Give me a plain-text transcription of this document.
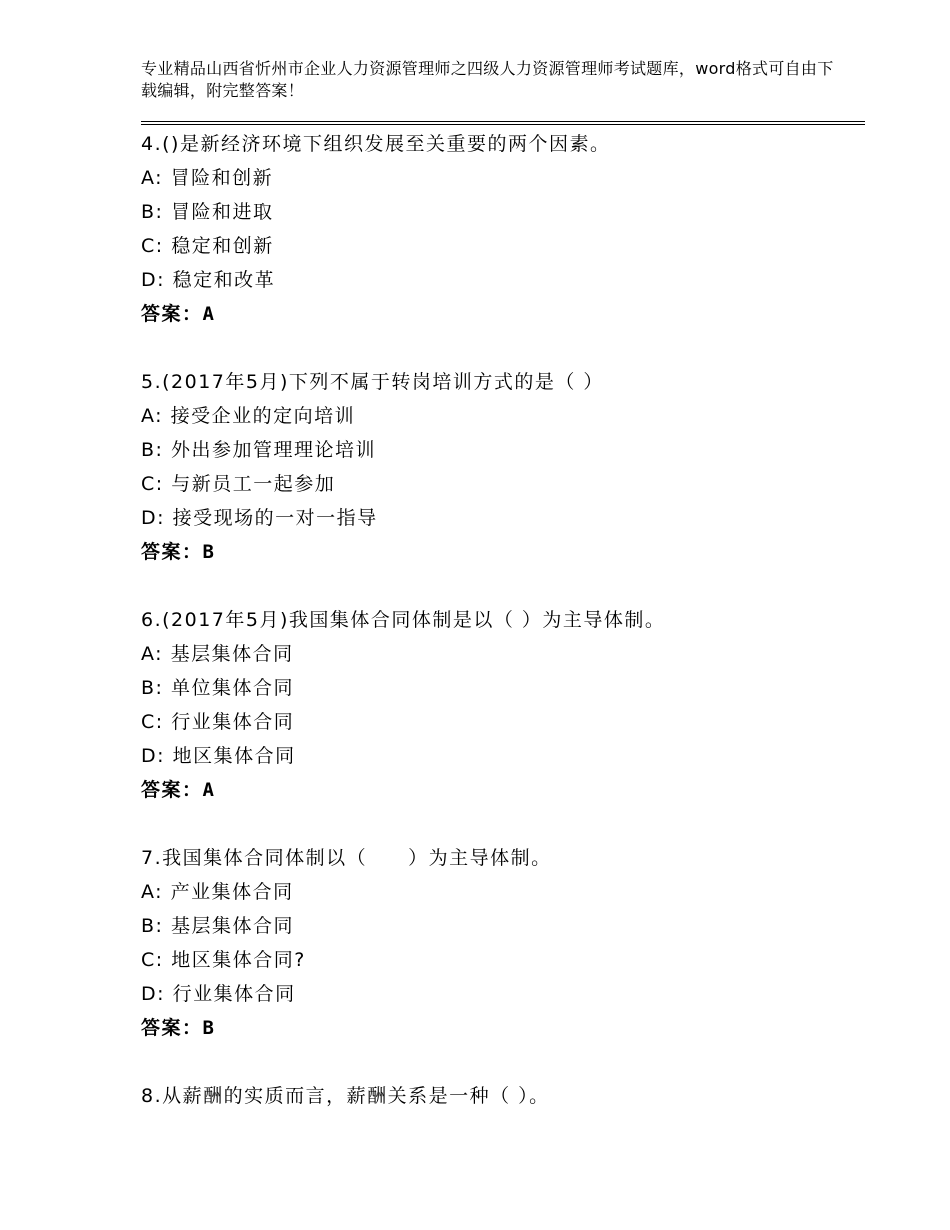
专业精品山西省忻州市企业人力资源管理师之四级人力资源管理师考试题库，word格式可自由下载编辑，附完整答案！
4.()是新经济环境下组织发展至关重要的两个因素。
A: 冒险和创新
B: 冒险和进取
C: 稳定和创新
D: 稳定和改革
答案：A
5.(2017年5月)下列不属于转岗培训方式的是（ ）
A: 接受企业的定向培训
B: 外出参加管理理论培训
C: 与新员工一起参加
D: 接受现场的一对一指导
答案：B
6.(2017年5月)我国集体合同体制是以（ ）为主导体制。
A: 基层集体合同
B: 单位集体合同
C: 行业集体合同
D: 地区集体合同
答案：A
7.我国集体合同体制以（　　）为主导体制。
A: 产业集体合同
B: 基层集体合同
C: 地区集体合同?
D: 行业集体合同
答案：B
8.从薪酬的实质而言，薪酬关系是一种（ ）。
